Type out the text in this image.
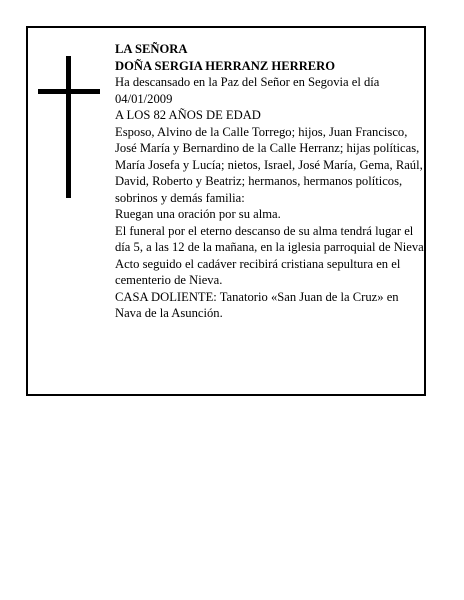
LA SEÑORA

DOÑA SERGIA HERRANZ HERRERO

Ha descansado en la Paz del Señor en Segovia el día 04/01/2009

A LOS 82 AÑOS DE EDAD

Esposo, Alvino de la Calle Torrego; hijos, Juan Francisco, José María y Bernardino de la Calle Herranz; hijas políticas, María Josefa y Lucía; nietos, Israel, José María, Gema, Raúl, David, Roberto y Beatriz; hermanos, hermanos políticos, sobrinos y demás familia:

Ruegan una oración por su alma.

El funeral por el eterno descanso de su alma tendrá lugar el día 5, a las 12 de la mañana, en la iglesia parroquial de Nieva. Acto seguido el cadáver recibirá cristiana sepultura en el cementerio de Nieva.

CASA DOLIENTE: Tanatorio «San Juan de la Cruz» en Nava de la Asunción.
